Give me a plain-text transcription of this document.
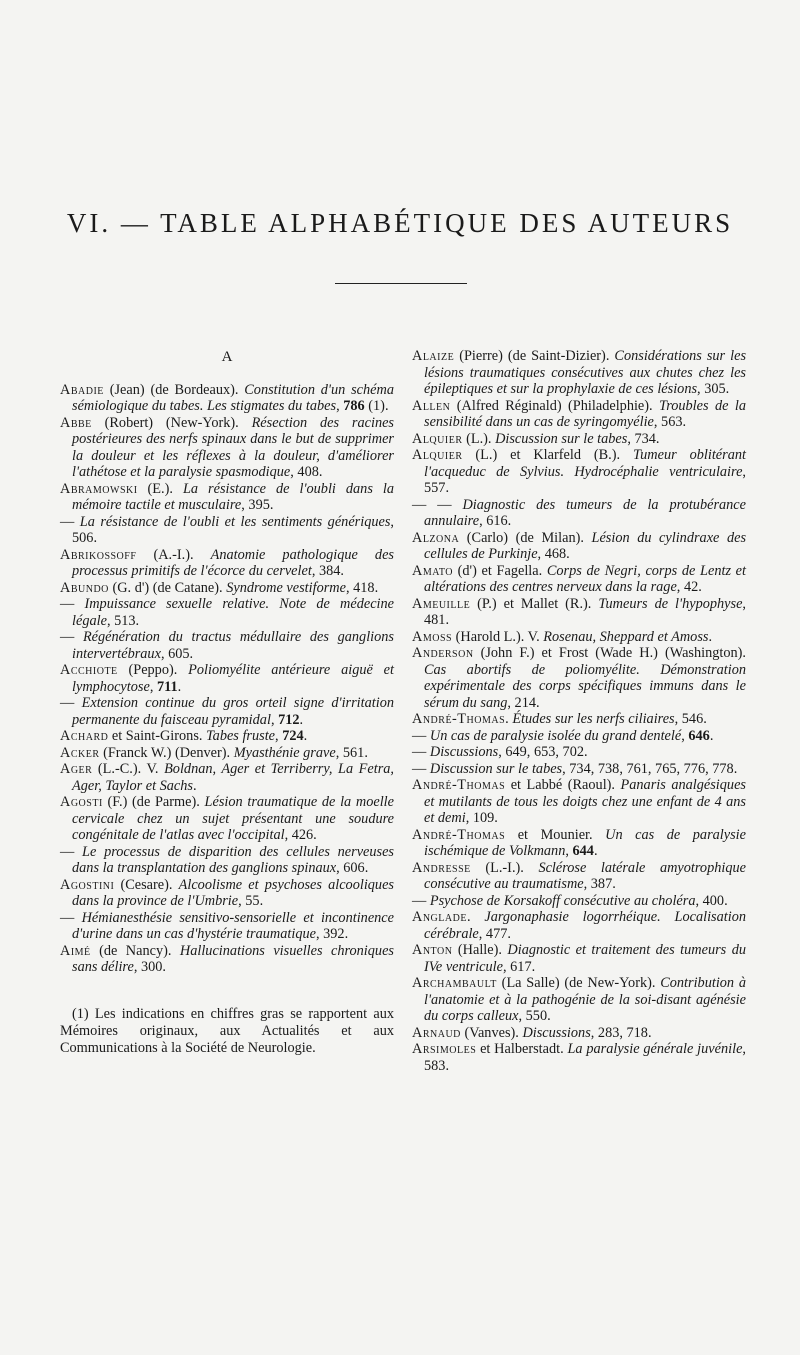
VI. — TABLE ALPHABÉTIQUE DES AUTEURS
A

Abadie (Jean) (de Bordeaux). Constitution d'un schéma sémiologique du tabes. Les stigmates du tabes, 786 (1).

Abbe (Robert) (New-York). Résection des racines postérieures des nerfs spinaux dans le but de supprimer la douleur et les réflexes à la douleur, d'améliorer l'athétose et la paralysie spasmodique, 408.

Abramowski (E.). La résistance de l'oubli dans la mémoire tactile et musculaire, 395.

— La résistance de l'oubli et les sentiments génériques, 506.

Abrikossoff (A.-I.). Anatomie pathologique des processus primitifs de l'écorce du cervelet, 384.

Abundo (G. d') (de Catane). Syndrome vestiforme, 418.

— Impuissance sexuelle relative. Note de médecine légale, 513.

— Régénération du tractus médullaire des ganglions intervertébraux, 605.

Acchiote (Peppo). Poliomyélite antérieure aiguë et lymphocytose, 711.

— Extension continue du gros orteil signe d'irritation permanente du faisceau pyramidal, 712.

Achard et Saint-Girons. Tabes fruste, 724.

Acker (Franck W.) (Denver). Myasthénie grave, 561.

Ager (L.-C.). V. Boldnan, Ager et Terriberry, La Fetra, Ager, Taylor et Sachs.

Agosti (F.) (de Parme). Lésion traumatique de la moelle cervicale chez un sujet présentant une soudure congénitale de l'atlas avec l'occipital, 426.

— Le processus de disparition des cellules nerveuses dans la transplantation des ganglions spinaux, 606.

Agostini (Cesare). Alcoolisme et psychoses alcooliques dans la province de l'Umbrie, 55.

— Hémianesthésie sensitivo-sensorielle et incontinence d'urine dans un cas d'hystérie traumatique, 392.

Aimé (de Nancy). Hallucinations visuelles chroniques sans délire, 300.

(1) Les indications en chiffres gras se rapportent aux Mémoires originaux, aux Actualités et aux Communications à la Société de Neurologie.

Alaize (Pierre) (de Saint-Dizier). Considérations sur les lésions traumatiques consécutives aux chutes chez les épileptiques et sur la prophylaxie de ces lésions, 305.

Allen (Alfred Réginald) (Philadelphie). Troubles de la sensibilité dans un cas de syringomyélie, 563.

Alquier (L.). Discussion sur le tabes, 734.

Alquier (L.) et Klarfeld (B.). Tumeur oblitérant l'acqueduc de Sylvius. Hydrocéphalie ventriculaire, 557.

— — Diagnostic des tumeurs de la protubérance annulaire, 616.

Alzona (Carlo) (de Milan). Lésion du cylindraxe des cellules de Purkinje, 468.

Amato (d') et Fagella. Corps de Negri, corps de Lentz et altérations des centres nerveux dans la rage, 42.

Ameuille (P.) et Mallet (R.). Tumeurs de l'hypophyse, 481.

Amoss (Harold L.). V. Rosenau, Sheppard et Amoss.

Anderson (John F.) et Frost (Wade H.) (Washington). Cas abortifs de poliomyélite. Démonstration expérimentale des corps spécifiques immuns dans le sérum du sang, 214.

André-Thomas. Études sur les nerfs ciliaires, 546.

— Un cas de paralysie isolée du grand dentelé, 646.

— Discussions, 649, 653, 702.

— Discussion sur le tabes, 734, 738, 761, 765, 776, 778.

André-Thomas et Labbé (Raoul). Panaris analgésiques et mutilants de tous les doigts chez une enfant de 4 ans et demi, 109.

André-Thomas et Mounier. Un cas de paralysie ischémique de Volkmann, 644.

Andresse (L.-I.). Sclérose latérale amyotrophique consécutive au traumatisme, 387.

— Psychose de Korsakoff consécutive au choléra, 400.

Anglade. Jargonaphasie logorrhéique. Localisation cérébrale, 477.

Anton (Halle). Diagnostic et traitement des tumeurs du IVe ventricule, 617.

Archambault (La Salle) (de New-York). Contribution à l'anatomie et à la pathogénie de la soi-disant agénésie du corps calleux, 550.

Arnaud (Vanves). Discussions, 283, 718.

Arsimoles et Halberstadt. La paralysie générale juvénile, 583.
